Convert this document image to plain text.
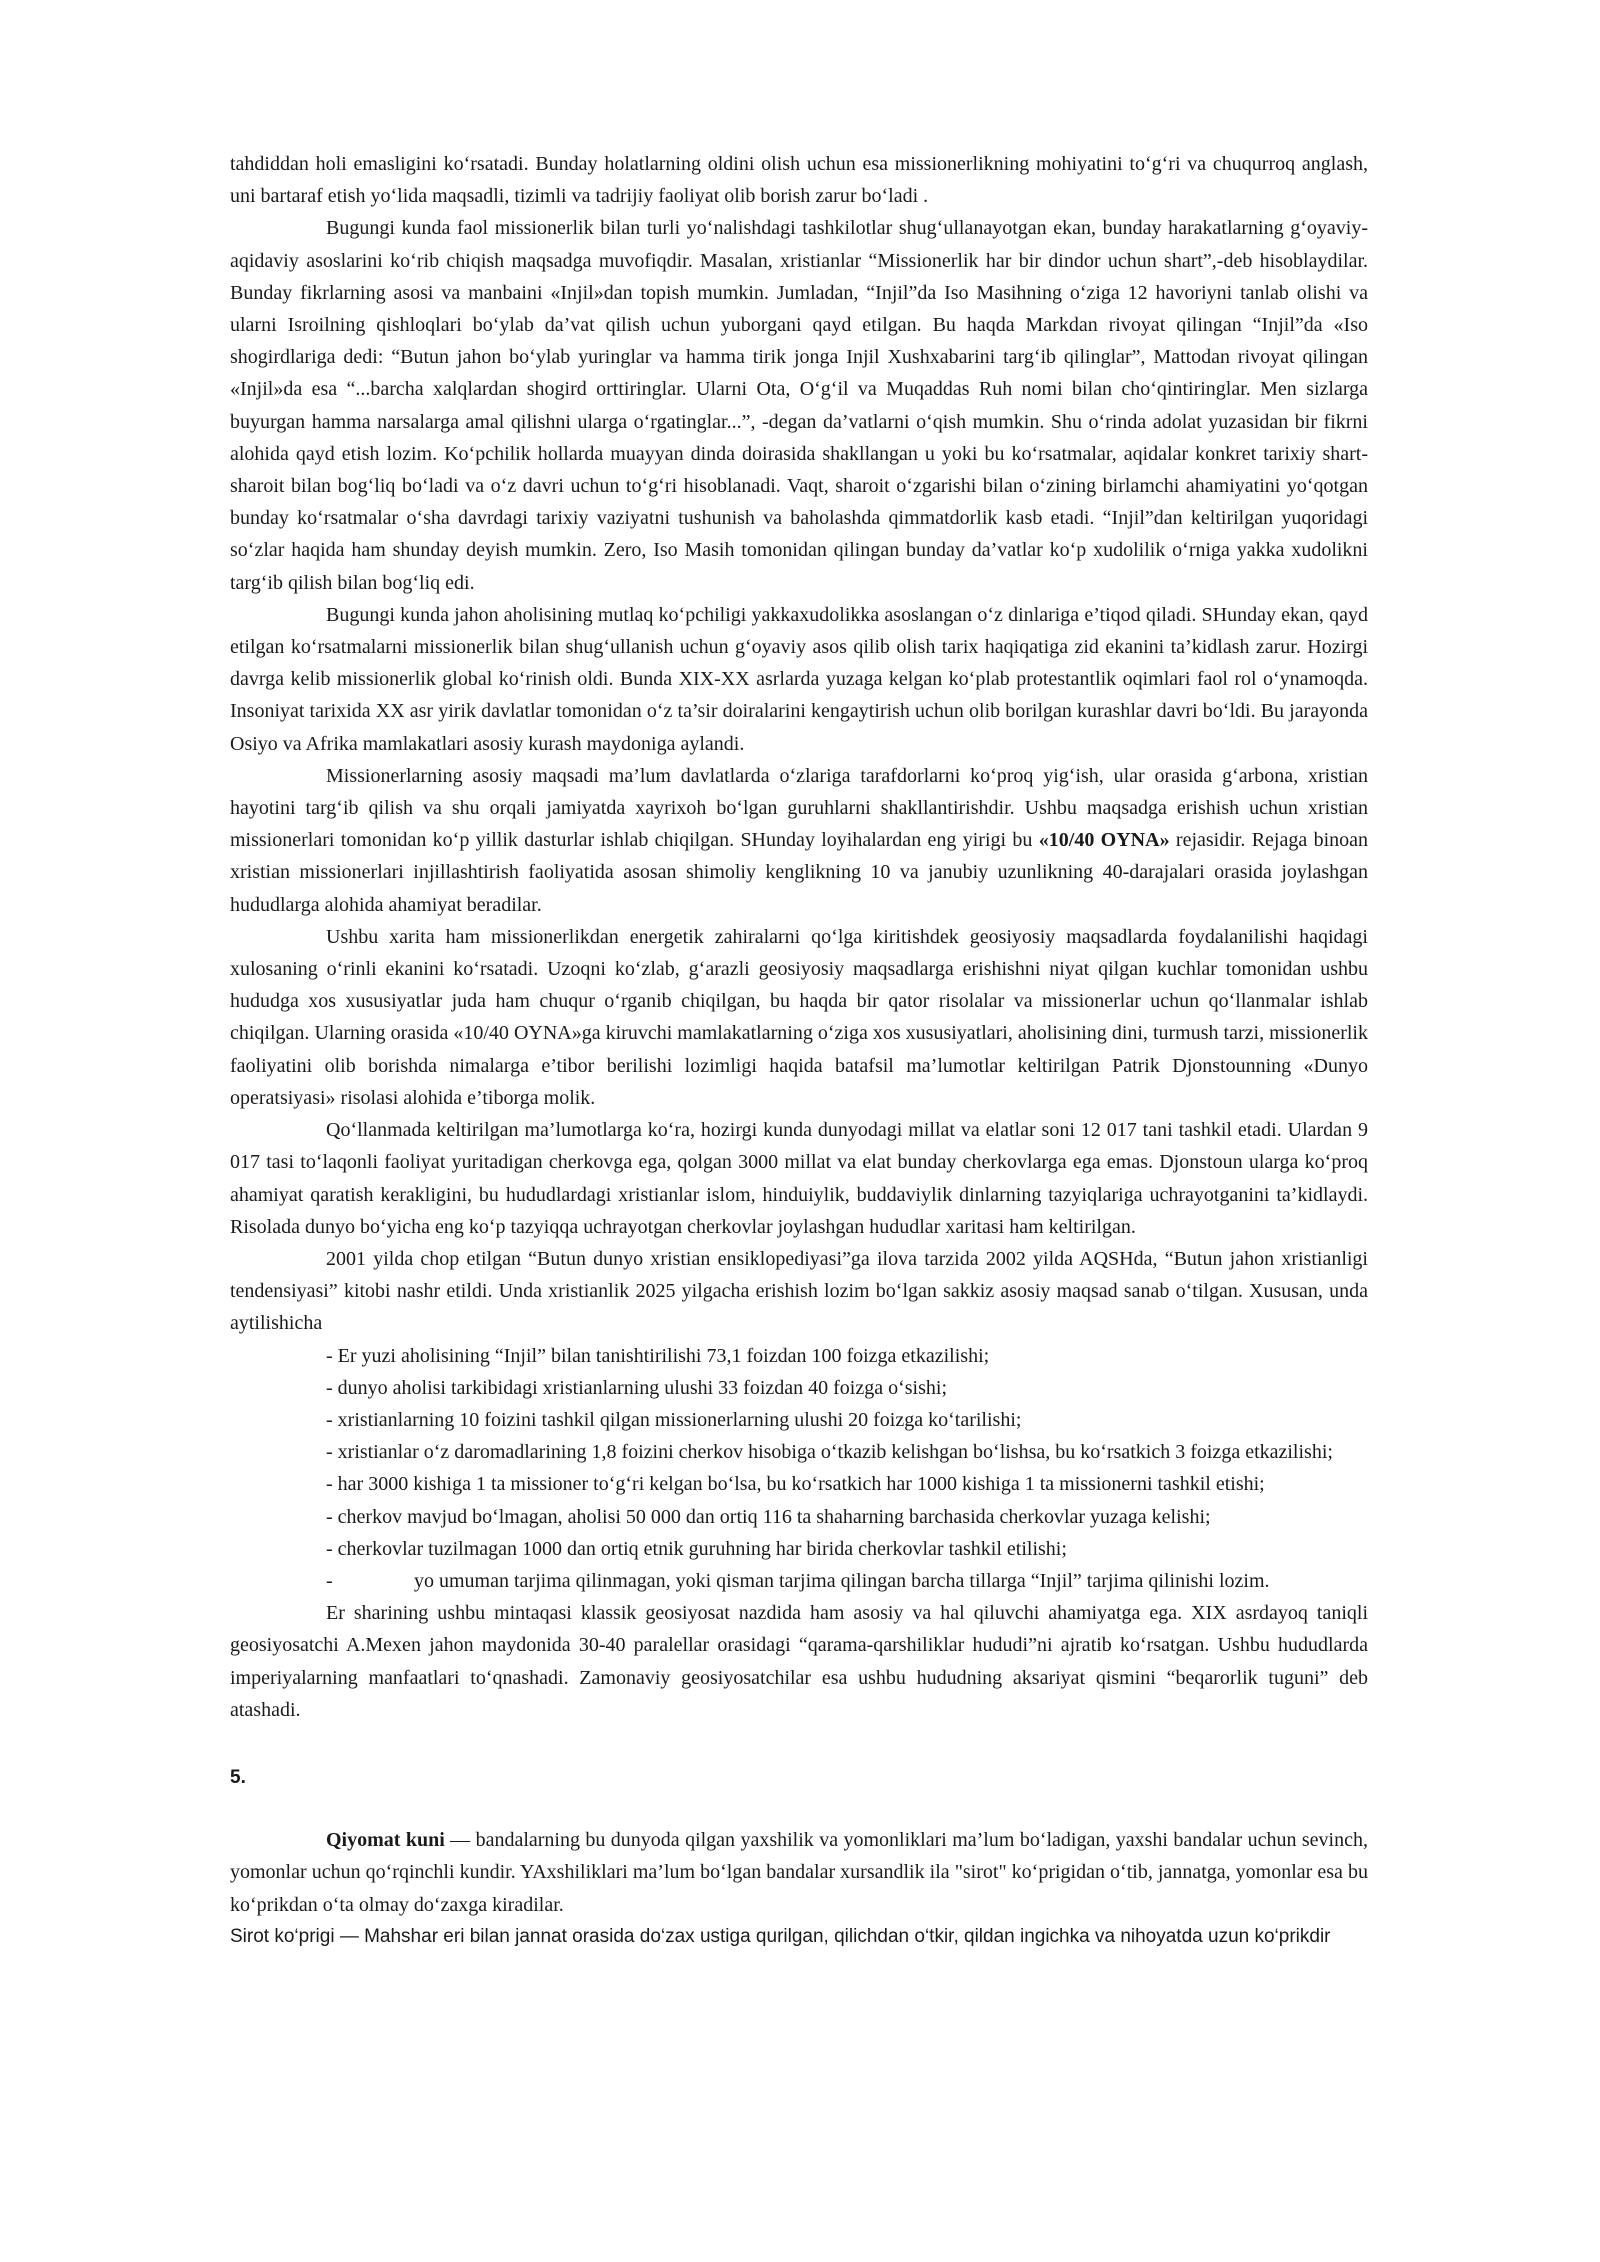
tahdiddan holi emasligini ko‘rsatadi. Bunday holatlarning oldini olish uchun esa missionerlikning mohiyatini to‘g‘ri va chuqurroq anglash, uni bartaraf etish yo‘lida maqsadli, tizimli va tadrijiy faoliyat olib borish zarur bo‘ladi .

Bugungi kunda faol missionerlik bilan turli yo‘nalishdagi tashkilotlar shug‘ullanayotgan ekan, bunday harakatlarning g‘oyaviy-aqidaviy asoslarini ko‘rib chiqish maqsadga muvofiqdir. Masalan, xristianlar “Missionerlik har bir dindor uchun shart”,-deb hisoblaydilar. Bunday fikrlarning asosi va manbaini «Injil»dan topish mumkin. Jumladan, “Injil”da Iso Masihning o‘ziga 12 havoriyni tanlab olishi va ularni Isroilning qishloqlari bo‘ylab da’vat qilish uchun yuborgani qayd etilgan. Bu haqda Markdan rivoyat qilingan “Injil”da «Iso shogirdlariga dedi: “Butun jahon bo‘ylab yuringlar va hamma tirik jonga Injil Xushxabarini targ‘ib qilinglar”, Mattodan rivoyat qilingan «Injil»da esa “...barcha xalqlardan shogird orttiringlar. Ularni Ota, O‘g‘il va Muqaddas Ruh nomi bilan cho‘qintiringlar. Men sizlarga buyurgan hamma narsalarga amal qilishni ularga o‘rgatinglar...”, -degan da’vatlarni o‘qish mumkin. Shu o‘rinda adolat yuzasidan bir fikrni alohida qayd etish lozim. Ko‘pchilik hollarda muayyan dinda doirasida shakllangan u yoki bu ko‘rsatmalar, aqidalar konkret tarixiy shart-sharoit bilan bog‘liq bo‘ladi va o‘z davri uchun to‘g‘ri hisoblanadi. Vaqt, sharoit o‘zgarishi bilan o‘zining birlamchi ahamiyatini yo‘qotgan bunday ko‘rsatmalar o‘sha davrdagi tarixiy vaziyatni tushunish va baholashda qimmatdorlik kasb etadi. “Injil”dan keltirilgan yuqoridagi so‘zlar haqida ham shunday deyish mumkin. Zero, Iso Masih tomonidan qilingan bunday da’vatlar ko‘p xudolilik o‘rniga yakka xudolikni targ‘ib qilish bilan bog‘liq edi.

Bugungi kunda jahon aholisining mutlaq ko‘pchiligi yakkaxudolikka asoslangan o‘z dinlariga e’tiqod qiladi. SHunday ekan, qayd etilgan ko‘rsatmalarni missionerlik bilan shug‘ullanish uchun g‘oyaviy asos qilib olish tarix haqiqatiga zid ekanini ta’kidlash zarur. Hozirgi davrga kelib missionerlik global ko‘rinish oldi. Bunda XIX-XX asrlarda yuzaga kelgan ko‘plab protestantlik oqimlari faol rol o‘ynamoqda. Insoniyat tarixida XX asr yirik davlatlar tomonidan o‘z ta’sir doiralarini kengaytirish uchun olib borilgan kurashlar davri bo‘ldi. Bu jarayonda Osiyo va Afrika mamlakatlari asosiy kurash maydoniga aylandi.

Missionerlarning asosiy maqsadi ma’lum davlatlarda o‘zlariga tarafdorlarni ko‘proq yig‘ish, ular orasida g‘arbona, xristian hayotini targ‘ib qilish va shu orqali jamiyatda xayrixoh bo‘lgan guruhlarni shakllantirishdir. Ushbu maqsadga erishish uchun xristian missionerlari tomonidan ko‘p yillik dasturlar ishlab chiqilgan. SHunday loyihalardan eng yirigi bu «10/40 OYNA» rejasidir. Rejaga binoan xristian missionerlari injillashtirish faoliyatida asosan shimoliy kenglikning 10 va janubiy uzunlikning 40-darajalari orasida joylashgan hududlarga alohida ahamiyat beradilar.

Ushbu xarita ham missionerlikdan energetik zahiralarni qo‘lga kiritishdek geosiyosiy maqsadlarda foydalanilishi haqidagi xulosaning o‘rinli ekanini ko‘rsatadi. Uzoqni ko‘zlab, g‘arazli geosiyosiy maqsadlarga erishishni niyat qilgan kuchlar tomonidan ushbu hududga xos xususiyatlar juda ham chuqur o‘rganib chiqilgan, bu haqda bir qator risolalar va missionerlar uchun qo‘llanmalar ishlab chiqilgan. Ularning orasida «10/40 OYNA»ga kiruvchi mamlakatlarning o‘ziga xos xususiyatlari, aholisining dini, turmush tarzi, missionerlik faoliyatini olib borishda nimalarga e’tibor berilishi lozimligi haqida batafsil ma’lumotlar keltirilgan Patrik Djonstounning «Dunyo operatsiyasi» risolasi alohida e’tiborga molik.

Qo‘llanmada keltirilgan ma’lumotlarga ko‘ra, hozirgi kunda dunyodagi millat va elatlar soni 12 017 tani tashkil etadi. Ulardan 9 017 tasi to‘laqonli faoliyat yuritadigan cherkovga ega, qolgan 3000 millat va elat bunday cherkovlarga ega emas. Djonstoun ularga ko‘proq ahamiyat qaratish kerakligini, bu hududlardagi xristianlar islom, hinduiylik, buddaviylik dinlarning tazyiqlariga uchrayotganini ta’kidlaydi. Risolada dunyo bo‘yicha eng ko‘p tazyiqqa uchrayotgan cherkovlar joylashgan hududlar xaritasi ham keltirilgan.

2001 yilda chop etilgan “Butun dunyo xristian ensiklopediyasi”ga ilova tarzida 2002 yilda AQSHda, “Butun jahon xristianligi tendensiyasi” kitobi nashr etildi. Unda xristianlik 2025 yilgacha erishish lozim bo‘lgan sakkiz asosiy maqsad sanab o‘tilgan. Xususan, unda aytilishicha

- Er yuzi aholisining “Injil” bilan tanishtirilishi 73,1 foizdan 100 foizga etkazilishi;

- dunyo aholisi tarkibidagi xristianlarning ulushi 33 foizdan 40 foizga o‘sishi;

- xristianlarning 10 foizini tashkil qilgan missionerlarning ulushi 20 foizga ko‘tarilishi;

- xristianlar o‘z daromadlarining 1,8 foizini cherkov hisobiga o‘tkazib kelishgan bo‘lishsa, bu ko‘rsatkich 3 foizga etkazilishi;

- har 3000 kishiga 1 ta missioner to‘g‘ri kelgan bo‘lsa, bu ko‘rsatkich har 1000 kishiga 1 ta missionerni tashkil etishi;

- cherkov mavjud bo‘lmagan, aholisi 50 000 dan ortiq 116 ta shaharning barchasida cherkovlar yuzaga kelishi;

- cherkovlar tuzilmagan 1000 dan ortiq etnik guruhning har birida cherkovlar tashkil etilishi;

-	yo umuman tarjima qilinmagan, yoki qisman tarjima qilingan barcha tillarga “Injil” tarjima qilinishi lozim.

Er sharining ushbu mintaqasi klassik geosiyosat nazdida ham asosiy va hal qiluvchi ahamiyatga ega. XIX asrdayoq taniqli geosiyosatchi A.Mexen jahon maydonida 30-40 paralellar orasidagi “qarama-qarshiliklar hududi”ni ajratib ko‘rsatgan. Ushbu hududlarda imperiyalarning manfaatlari to‘qnashadi. Zamonaviy geosiyosatchilar esa ushbu hududning aksariyat qismini “beqarorlik tuguni” deb atashadi.

5.

Qiyomat kuni — bandalarning bu dunyoda qilgan yaxshilik va yomonliklari ma’lum bo‘ladigan, yaxshi bandalar uchun sevinch, yomonlar uchun qo‘rqinchli kundir. YAxshiliklari ma’lum bo‘lgan bandalar xursandlik ila "sirot" ko‘prigidan o‘tib, jannatga, yomonlar esa bu ko‘prikdan o‘ta olmay do‘zaxga kiradilar.

Sirot ko‘prigi — Mahshar eri bilan jannat orasida do‘zax ustiga qurilgan, qilichdan o‘tkir, qildan ingichka va nihoyatda uzun ko‘prikdir
